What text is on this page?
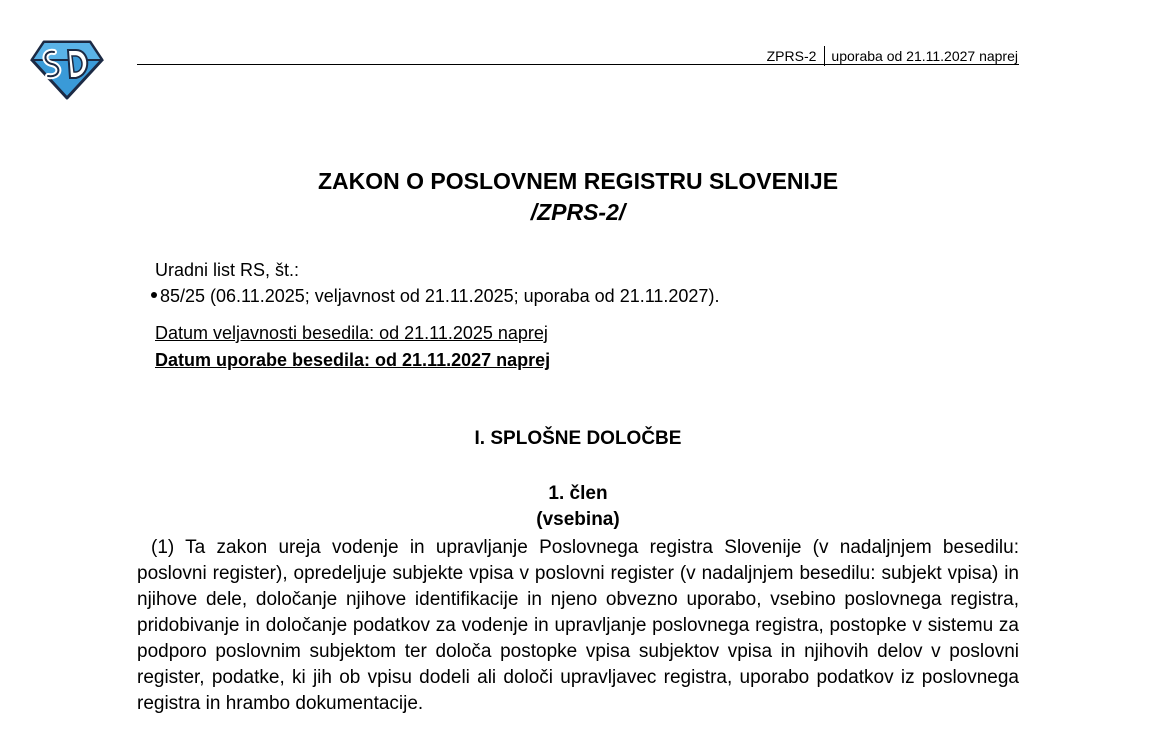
ZPRS-2 uporaba od 21.11.2027 naprej
ZAKON O POSLOVNEM REGISTRU SLOVENIJE
/ZPRS-2/
Uradni list RS, št.:
85/25 (06.11.2025; veljavnost od 21.11.2025; uporaba od 21.11.2027).
Datum veljavnosti besedila: od 21.11.2025 naprej
Datum uporabe besedila: od 21.11.2027 naprej
I. SPLOŠNE DOLOČBE
1. člen
(vsebina)

(1) Ta zakon ureja vodenje in upravljanje Poslovnega registra Slovenije (v nadaljnjem besedilu: poslovni register), opredeljuje subjekte vpisa v poslovni register (v nadaljnjem besedilu: subjekt vpisa) in njihove dele, določanje njihove identifikacije in njeno obvezno uporabo, vsebino poslovnega registra, pridobivanje in določanje podatkov za vodenje in upravljanje poslovnega registra, postopke v sistemu za podporo poslovnim subjektom ter določa postopke vpisa subjektov vpisa in njihovih delov v poslovni register, podatke, ki jih ob vpisu dodeli ali določi upravljavec registra, uporabo podatkov iz poslovnega registra in hrambo dokumentacije.
